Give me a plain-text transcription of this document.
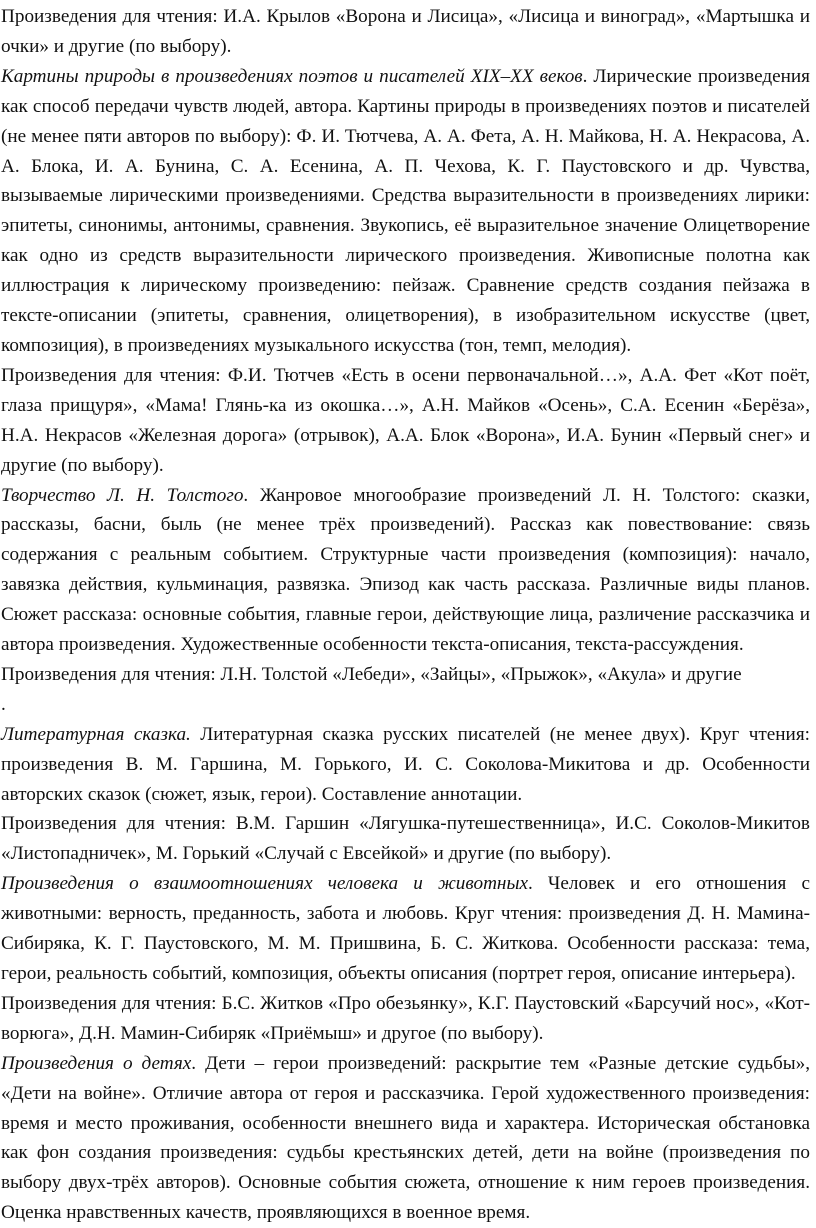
Произведения для чтения: И.А. Крылов «Ворона и Лисица», «Лисица и виноград», «Мартышка и очки» и другие (по выбору).

Картины природы в произведениях поэтов и писателей XIX–XX веков. Лирические произведения как способ передачи чувств людей, автора. Картины природы в произведениях поэтов и писателей (не менее пяти авторов по выбору): Ф. И. Тютчева, А. А. Фета, А. Н. Майкова, Н. А. Некрасова, А. А. Блока, И. А. Бунина, С. А. Есенина, А. П. Чехова, К. Г. Паустовского и др. Чувства, вызываемые лирическими произведениями. Средства выразительности в произведениях лирики: эпитеты, синонимы, антонимы, сравнения. Звукопись, её выразительное значение Олицетворение как одно из средств выразительности лирического произведения. Живописные полотна как иллюстрация к лирическому произведению: пейзаж. Сравнение средств создания пейзажа в тексте-описании (эпитеты, сравнения, олицетворения), в изобразительном искусстве (цвет, композиция), в произведениях музыкального искусства (тон, темп, мелодия).

Произведения для чтения: Ф.И. Тютчев «Есть в осени первоначальной…», А.А. Фет «Кот поёт, глаза прищуря», «Мама! Глянь-ка из окошка…», А.Н. Майков «Осень», С.А. Есенин «Берёза», Н.А. Некрасов «Железная дорога» (отрывок), А.А. Блок «Ворона», И.А. Бунин «Первый снег» и другие (по выбору).

Творчество Л. Н. Толстого. Жанровое многообразие произведений Л. Н. Толстого: сказки, рассказы, басни, быль (не менее трёх произведений). Рассказ как повествование: связь содержания с реальным событием. Структурные части произведения (композиция): начало, завязка действия, кульминация, развязка. Эпизод как часть рассказа. Различные виды планов. Сюжет рассказа: основные события, главные герои, действующие лица, различение рассказчика и автора произведения. Художественные особенности текста-описания, текста-рассуждения.

Произведения для чтения: Л.Н. Толстой «Лебеди», «Зайцы», «Прыжок», «Акула» и другие

.

Литературная сказка. Литературная сказка русских писателей (не менее двух). Круг чтения: произведения В. М. Гаршина, М. Горького, И. С. Соколова-Микитова и др. Особенности авторских сказок (сюжет, язык, герои). Составление аннотации.

Произведения для чтения: В.М. Гаршин «Лягушка-путешественница», И.С. Соколов-Микитов «Листопадничек», М. Горький «Случай с Евсейкой» и другие (по выбору).

Произведения о взаимоотношениях человека и животных. Человек и его отношения с животными: верность, преданность, забота и любовь. Круг чтения: произведения Д. Н. Мамина-Сибиряка, К. Г. Паустовского, М. М. Пришвина, Б. С. Житкова. Особенности рассказа: тема, герои, реальность событий, композиция, объекты описания (портрет героя, описание интерьера).

Произведения для чтения: Б.С. Житков «Про обезьянку», К.Г. Паустовский «Барсучий нос», «Кот-ворюга», Д.Н. Мамин-Сибиряк «Приёмыш» и другое (по выбору).

Произведения о детях. Дети – герои произведений: раскрытие тем «Разные детские судьбы», «Дети на войне». Отличие автора от героя и рассказчика. Герой художественного произведения: время и место проживания, особенности внешнего вида и характера. Историческая обстановка как фон создания произведения: судьбы крестьянских детей, дети на войне (произведения по выбору двух-трёх авторов). Основные события сюжета, отношение к ним героев произведения. Оценка нравственных качеств, проявляющихся в военное время.
